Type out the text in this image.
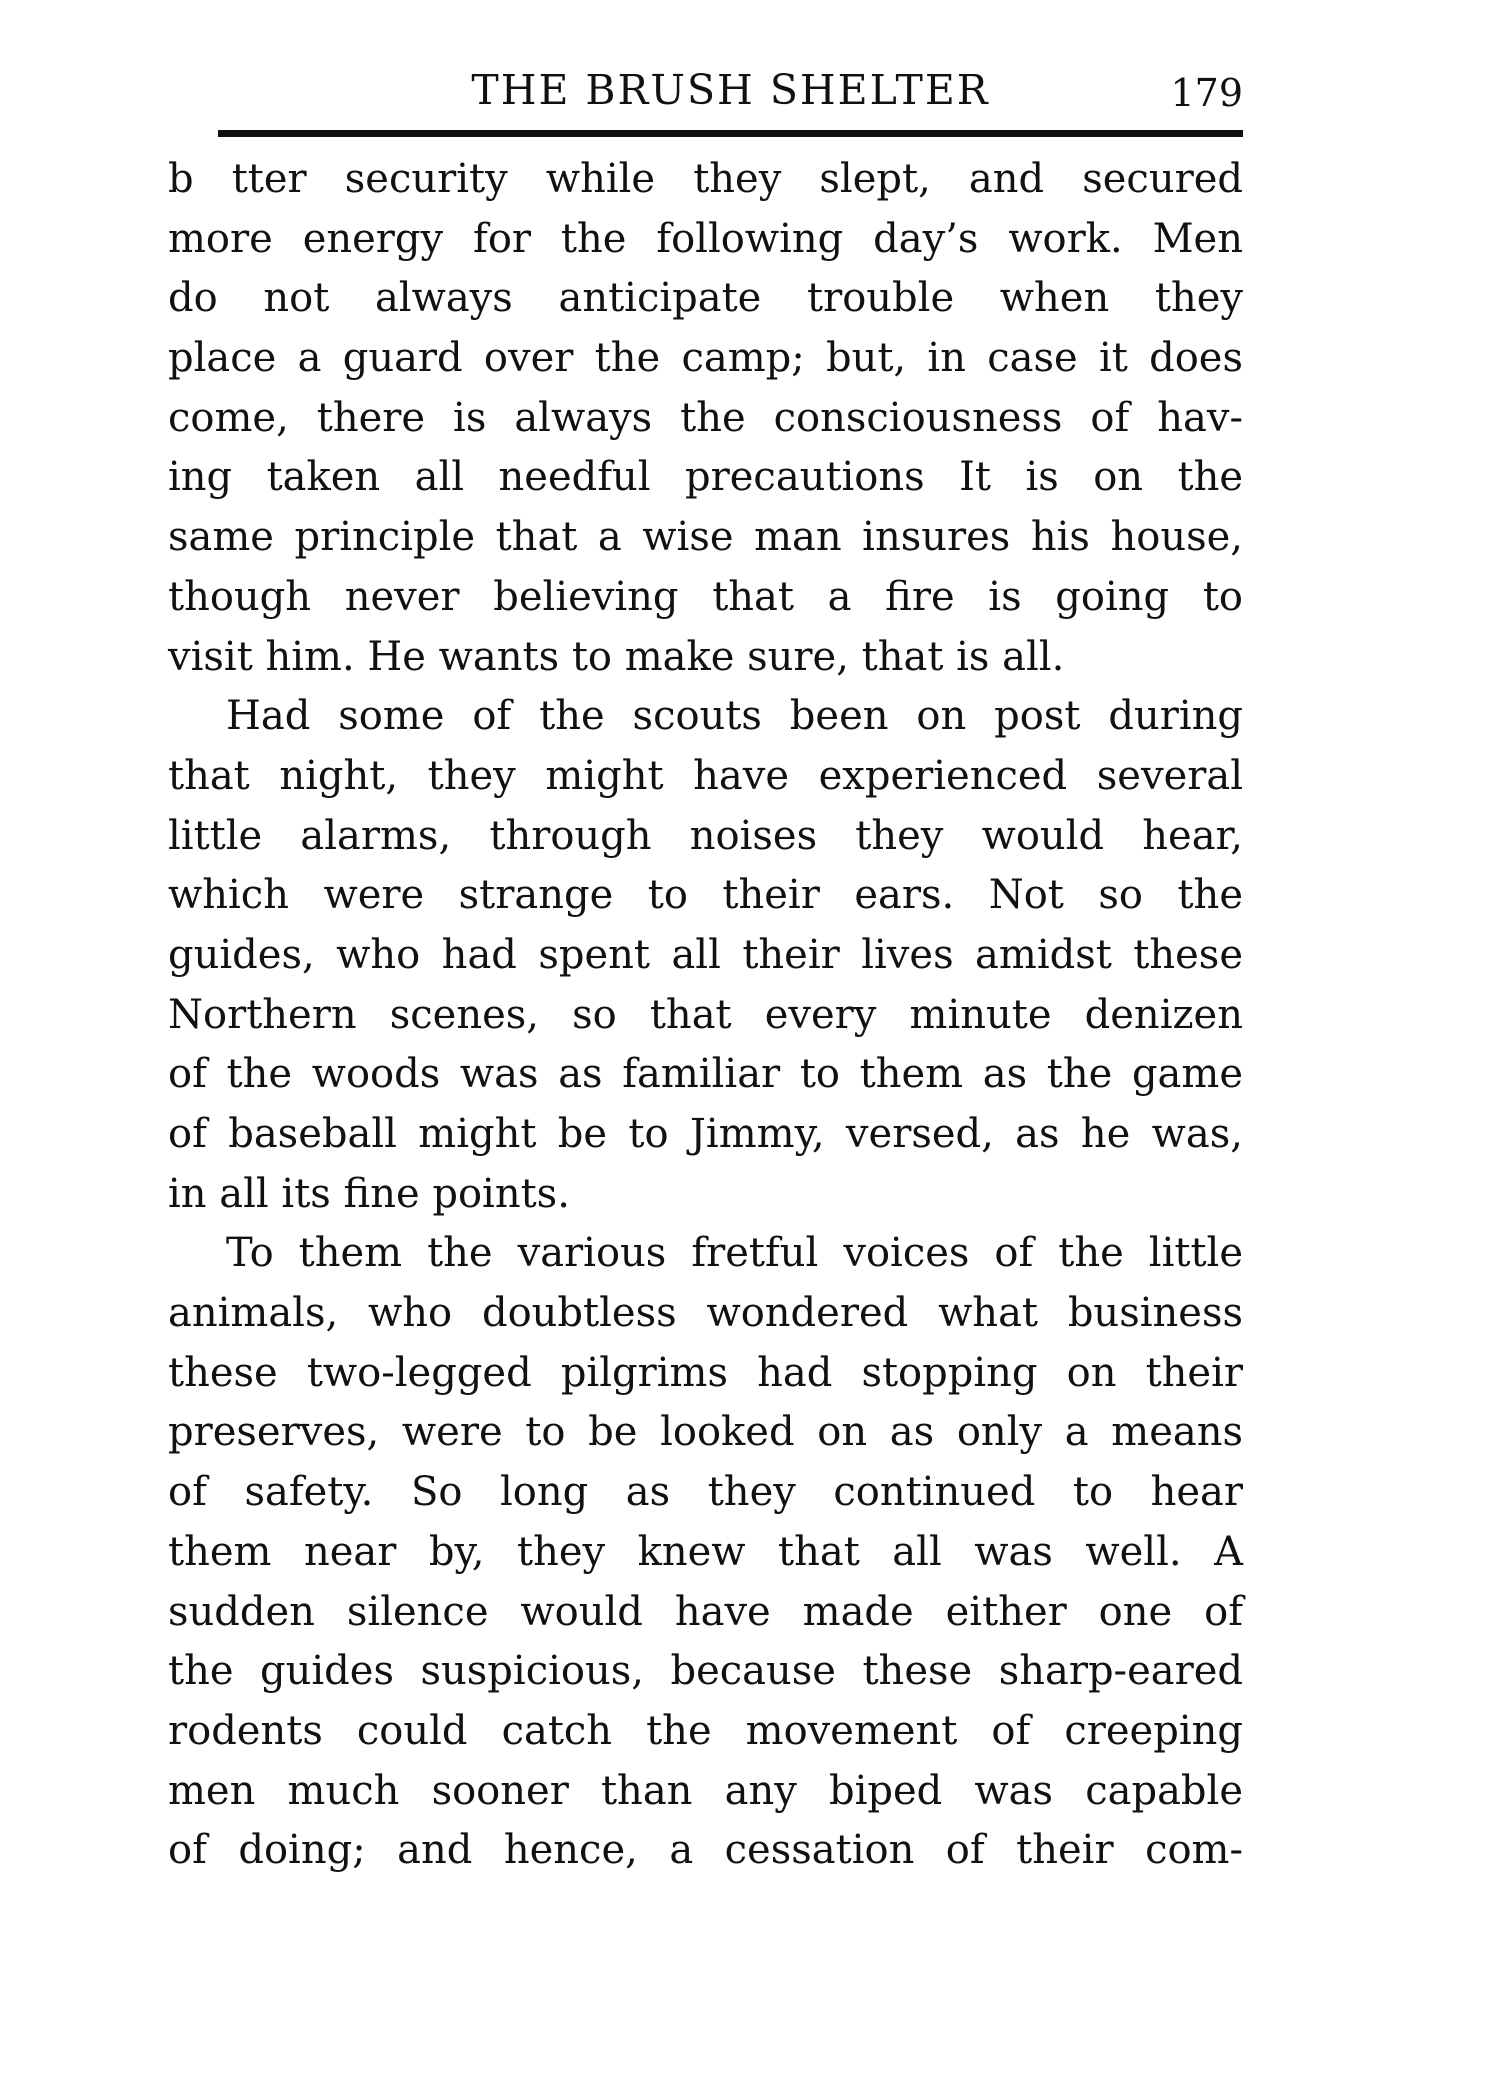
THE BRUSH SHELTER	179
b tter security while they slept, and secured
more energy for the following day’s work. Men
do not always anticipate trouble when they
place a guard over the camp; but, in case it does
come, there is always the consciousness of hav-
ing taken all needful precautions It is on the
same principle that a wise man insures his house,
though never believing that a fire is going to
visit him. He wants to make sure, that is all.
Had some of the scouts been on post during
that night, they might have experienced several
little alarms, through noises they would hear,
which were strange to their ears. Not so the
guides, who had spent all their lives amidst these
Northern scenes, so that every minute denizen
of the woods was as familiar to them as the game
of baseball might be to Jimmy, versed, as he was,
in all its fine points.
To them the various fretful voices of the little
animals, who doubtless wondered what business
these two-legged pilgrims had stopping on their
preserves, were to be looked on as only a means
of safety. So long as they continued to hear
them near by, they knew that all was well. A
sudden silence would have made either one of
the guides suspicious, because these sharp-eared
rodents could catch the movement of creeping
men much sooner than any biped was capable
of doing; and hence, a cessation of their com-
